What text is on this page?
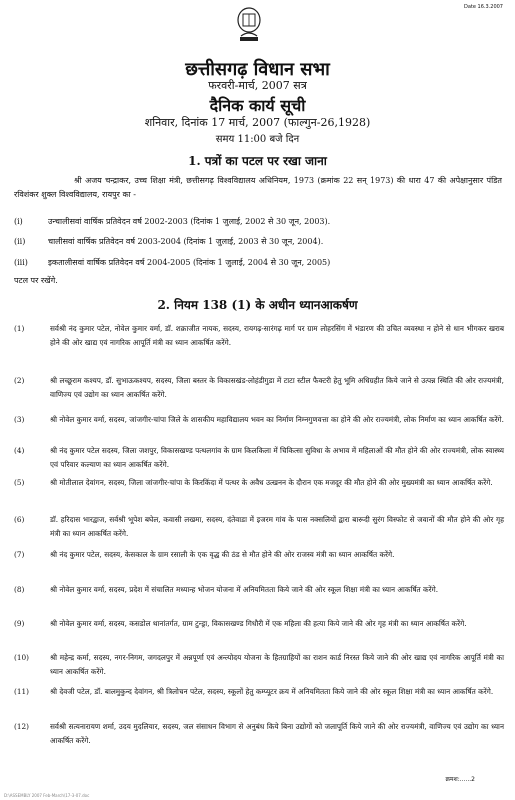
Date 16.3.2007
छत्तीसगढ़ विधान सभा
फरवरी-मार्च, 2007 सत्र
दैनिक कार्य सूची
शनिवार, दिनांक 17 मार्च, 2007 (फाल्गुन-26,1928)
समय 11:00 बजे दिन
1. पत्रों का पटल पर रखा जाना
श्री अजय चन्द्राकर, उच्च शिक्षा मंत्री, छत्तीसगढ़ विश्वविद्यालय अधिनियम, 1973 (क्रमांक 22 सन् 1973) की धारा 47 की अपेक्षानुसार पंडित रविशंकर शुक्ल विश्वविद्यालय, रायपुर का -
(i)	उन्चालीसवां वार्षिक प्रतिवेदन वर्ष 2002-2003 (दिनांक 1 जुलाई, 2002 से 30 जून, 2003).
(ii)	चालीसवां वार्षिक प्रतिवेदन वर्ष 2003-2004 (दिनांक 1 जुलाई, 2003 से 30 जून, 2004).
(iii)	इकतालीसवां वार्षिक प्रतिवेदन वर्ष 2004-2005 (दिनांक 1 जुलाई, 2004 से 30 जून, 2005)
पटल पर रखेंगे.
2. नियम 138 (1) के अधीन ध्यानआकर्षण
(1)	सर्वश्री नंद कुमार पटेल, नोवेल कुमार वर्मा, डॉ. शक्राजीत नायक, सदस्य, रायगढ़-सारंगढ़ मार्ग पर ग्राम लोहरसिंग में भंडारण की उचित व्यवस्था न होने से धान भीगकर खराब होने की ओर खाद्य एवं नागरिक आपूर्ति मंत्री का ध्यान आकर्षित करेंगे.
(2)	श्री लच्छूराम कश्यप, डॉ. सुभाऊकश्यप, सदस्य, जिला बस्तर के विकासखंड-लोहंडीगुडा में टाटा स्टील फैक्टरी हेतु भूमि अधिग्रहीत किये जाने से उत्पन्न स्थिति की ओर राज्यमंत्री, वाणिज्य एवं उद्योग का ध्यान आकर्षित करेंगे.
(3)	श्री नोवेल कुमार वर्मा, सदस्य, जांजगीर-चांपा जिले के शासकीय महाविद्यालय भवन का निर्माण निम्नगुणवत्ता का होने की ओर राज्यमंत्री, लोक निर्माण का ध्यान आकर्षित करेंगे.
(4)	श्री नंद कुमार पटेल सदस्य, जिला जशपुर, विकासखण्ड पत्थलगांव के ग्राम किलकिला में चिकित्सा सुविधा के अभाव में महिलाओं की मौत होने की ओर राज्यमंत्री, लोक स्वास्थ्य एवं परिवार कल्याण का ध्यान आकर्षित करेंगे.
(5)	श्री मोतीलाल देवांगन, सदस्य, जिला जांजगीर-चांपा के किरकिंदा में पत्थर के अवैध उत्खनन के दौरान एक मजदूर की मौत होने की ओर मुख्यमंत्री का ध्यान आकर्षित करेंगे.
(6)	डॉ. हरिदास भारद्वाज, सर्वश्री भूपेश बघेल, कवासी लखमा, सदस्य, दंतेवाडा में इजरम गांव के पास नक्सलियों द्वारा बारूदी सुरंग विस्फोट से जवानों की मौत होने की ओर गृह मंत्री का ध्यान आकर्षित करेंगे.
(7)	श्री नंद कुमार पटेल, सदस्य, केसकाल के ग्राम रसाली के एक वृद्ध की ठंड से मौत होने की ओर राजस्व मंत्री का ध्यान आकर्षित करेंगे.
(8)	श्री नोवेल कुमार वर्मा, सदस्य, प्रदेश में संचालित मध्यान्ह भोजन योजना में अनियमितता किये जाने की ओर स्कूल शिक्षा मंत्री का ध्यान आकर्षित करेंगे.
(9)	श्री नोवेल कुमार वर्मा, सदस्य, कसडोल थानांतर्गत, ग्राम टुन्ड्रा, विकासखण्ड गिधौरी में एक महिला की हत्या किये जाने की ओर गृह मंत्री का ध्यान आकर्षित करेंगे.
(10)	श्री महेन्द्र कर्मा, सदस्य, नगर-निगम, जगदलपुर में अन्नपूर्णा एवं अन्त्योदय योजना के हितग्राहियों का राशन कार्ड निरस्त किये जाने की ओर खाद्य एवं नागरिक आपूर्ति मंत्री का ध्यान आकर्षित करेंगे.
(11)	श्री देवजी पटेल, डॉ. बालमुकुन्द देवांगन, श्री त्रिलोचन पटेल, सदस्य, स्कूलों हेतु कम्प्यूटर क्रय में अनियमितता किये जाने की ओर स्कूल शिक्षा मंत्री का ध्यान आकर्षित करेंगे.
(12)	सर्वश्री सत्यनारायण शर्मा, उदय मुदलियार, सदस्य, जल संसाधन विभाग से अनुबंध किये बिना उद्योगों को जलापूर्ति किये जाने की ओर राज्यमंत्री, वाणिज्य एवं उद्योग का ध्यान आकर्षित करेंगे.
क्रमश:......2
D:\ASSEMBLY 2007 Feb-March\17-3-07.doc
